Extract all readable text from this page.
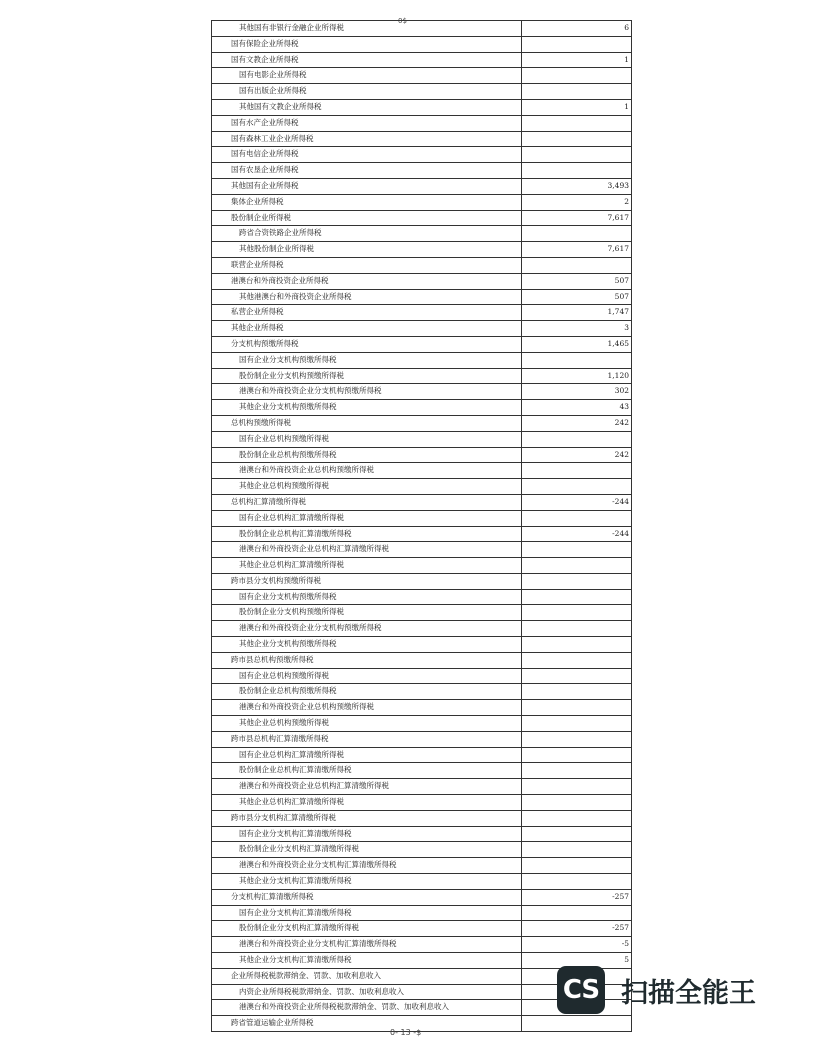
0$
其他国有非银行金融企业所得税	6
国有保险企业所得税	
国有文教企业所得税	1
国有电影企业所得税	
国有出版企业所得税	
其他国有文教企业所得税	1
国有水产企业所得税	
国有森林工业企业所得税	
国有电信企业所得税	
国有农垦企业所得税	
其他国有企业所得税	3,493
集体企业所得税	2
股份制企业所得税	7,617
跨省合资铁路企业所得税	
其他股份制企业所得税	7,617
联营企业所得税	
港澳台和外商投资企业所得税	507
其他港澳台和外商投资企业所得税	507
私营企业所得税	1,747
其他企业所得税	3
分支机构预缴所得税	1,465
国有企业分支机构预缴所得税	
股份制企业分支机构预缴所得税	1,120
港澳台和外商投资企业分支机构预缴所得税	302
其他企业分支机构预缴所得税	43
总机构预缴所得税	242
国有企业总机构预缴所得税	
股份制企业总机构预缴所得税	242
港澳台和外商投资企业总机构预缴所得税	
其他企业总机构预缴所得税	
总机构汇算清缴所得税	-244
国有企业总机构汇算清缴所得税	
股份制企业总机构汇算清缴所得税	-244
港澳台和外商投资企业总机构汇算清缴所得税	
其他企业总机构汇算清缴所得税	
跨市县分支机构预缴所得税	
国有企业分支机构预缴所得税	
股份制企业分支机构预缴所得税	
港澳台和外商投资企业分支机构预缴所得税	
其他企业分支机构预缴所得税	
跨市县总机构预缴所得税	
国有企业总机构预缴所得税	
股份制企业总机构预缴所得税	
港澳台和外商投资企业总机构预缴所得税	
其他企业总机构预缴所得税	
跨市县总机构汇算清缴所得税	
国有企业总机构汇算清缴所得税	
股份制企业总机构汇算清缴所得税	
港澳台和外商投资企业总机构汇算清缴所得税	
其他企业总机构汇算清缴所得税	
跨市县分支机构汇算清缴所得税	
国有企业分支机构汇算清缴所得税	
股份制企业分支机构汇算清缴所得税	
港澳台和外商投资企业分支机构汇算清缴所得税	
其他企业分支机构汇算清缴所得税	
分支机构汇算清缴所得税	-257
国有企业分支机构汇算清缴所得税	
股份制企业分支机构汇算清缴所得税	-257
港澳台和外商投资企业分支机构汇算清缴所得税	-5
其他企业分支机构汇算清缴所得税	5
企业所得税税款滞纳金、罚款、加收利息收入	
内资企业所得税税款滞纳金、罚款、加收利息收入	
港澳台和外商投资企业所得税税款滞纳金、罚款、加收利息收入	
跨省管道运输企业所得税	
0- 13 -$
CS 扫描全能王
